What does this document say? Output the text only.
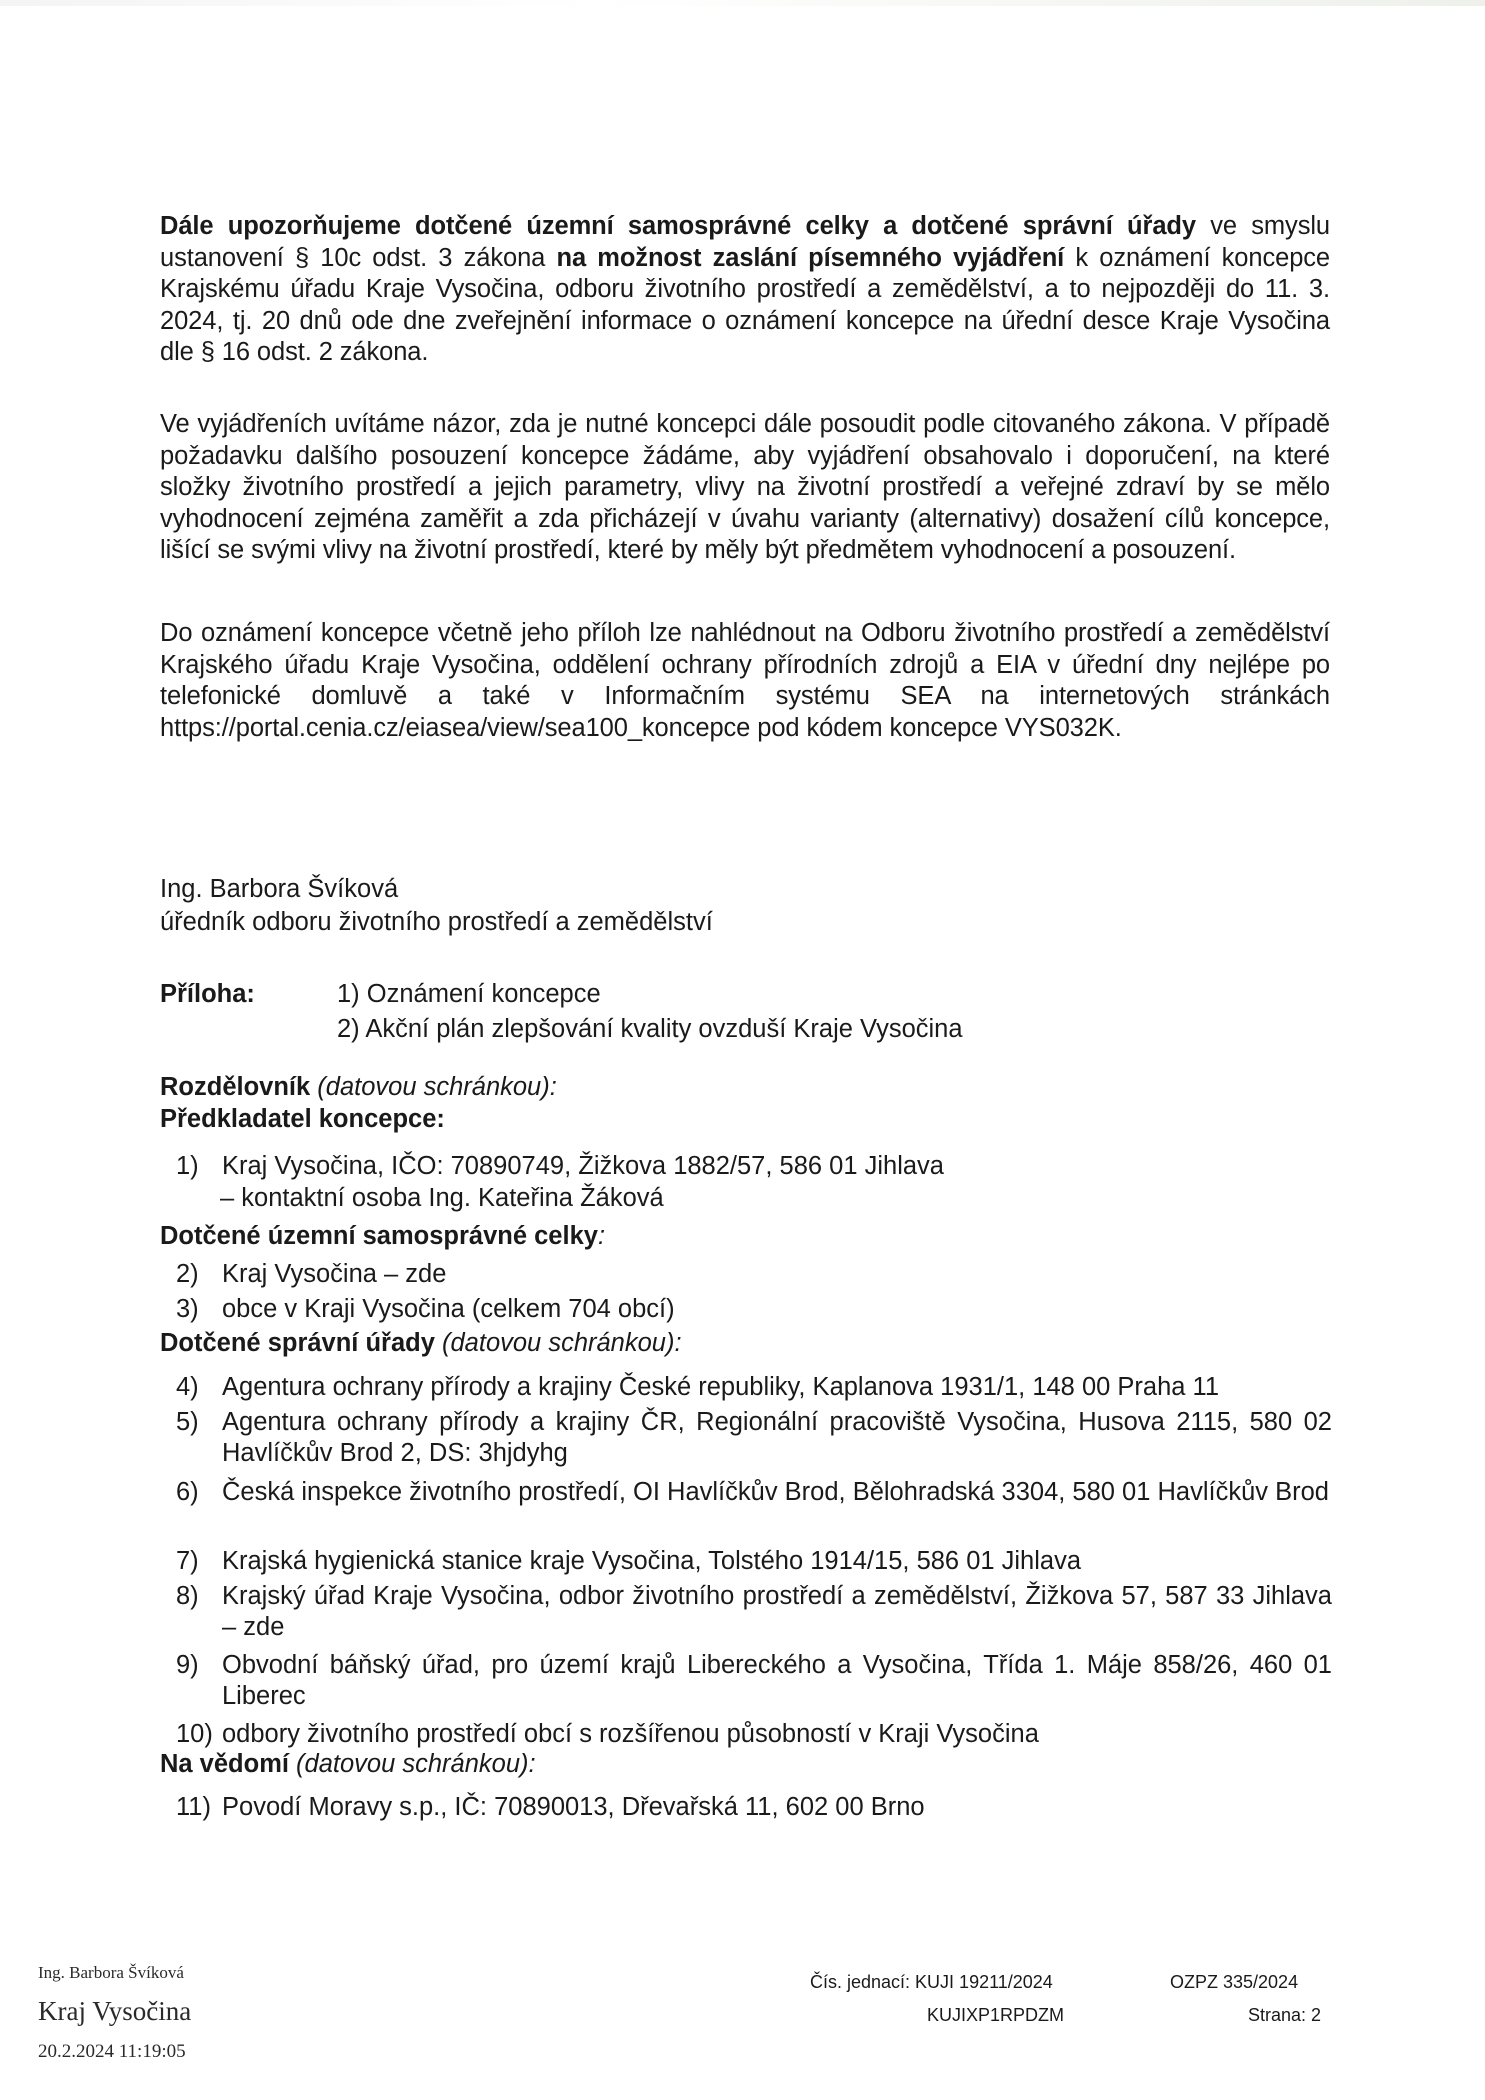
Dále upozorňujeme dotčené územní samosprávné celky a dotčené správní úřady ve smyslu ustanovení § 10c odst. 3 zákona na možnost zaslání písemného vyjádření k oznámení koncepce Krajskému úřadu Kraje Vysočina, odboru životního prostředí a zemědělství, a to nejpozději do 11. 3. 2024, tj. 20 dnů ode dne zveřejnění informace o oznámení koncepce na úřední desce Kraje Vysočina dle § 16 odst. 2 zákona.
Ve vyjádřeních uvítáme názor, zda je nutné koncepci dále posoudit podle citovaného zákona. V případě požadavku dalšího posouzení koncepce žádáme, aby vyjádření obsahovalo i doporučení, na které složky životního prostředí a jejich parametry, vlivy na životní prostředí a veřejné zdraví by se mělo vyhodnocení zejména zaměřit a zda přicházejí v úvahu varianty (alternativy) dosažení cílů koncepce, lišící se svými vlivy na životní prostředí, které by měly být předmětem vyhodnocení a posouzení.
Do oznámení koncepce včetně jeho příloh lze nahlédnout na Odboru životního prostředí a zemědělství Krajského úřadu Kraje Vysočina, oddělení ochrany přírodních zdrojů a EIA v úřední dny nejlépe po telefonické domluvě a také v Informačním systému SEA na internetových stránkách https://portal.cenia.cz/eiasea/view/sea100_koncepce pod kódem koncepce VYS032K.
Ing. Barbora Švíková
úředník odboru životního prostředí a zemědělství
Příloha:	1) Oznámení koncepce
2) Akční plán zlepšování kvality ovzduší Kraje Vysočina
Rozdělovník (datovou schránkou):
Předkladatel koncepce:
1) Kraj Vysočina, IČO: 70890749, Žižkova 1882/57, 586 01 Jihlava
– kontaktní osoba Ing. Kateřina Žáková
Dotčené územní samosprávné celky:
2) Kraj Vysočina – zde
3) obce v Kraji Vysočina (celkem 704 obcí)
Dotčené správní úřady (datovou schránkou):
4) Agentura ochrany přírody a krajiny České republiky, Kaplanova 1931/1, 148 00 Praha 11
5) Agentura ochrany přírody a krajiny ČR, Regionální pracoviště Vysočina, Husova 2115, 580 02 Havlíčkův Brod 2, DS: 3hjdyhg
6) Česká inspekce životního prostředí, OI Havlíčkův Brod, Bělohradská 3304, 580 01 Havlíčkův Brod
7) Krajská hygienická stanice kraje Vysočina, Tolstého 1914/15, 586 01 Jihlava
8) Krajský úřad Kraje Vysočina, odbor životního prostředí a zemědělství, Žižkova 57, 587 33 Jihlava – zde
9) Obvodní báňský úřad, pro území krajů Libereckého a Vysočina, Třída 1. Máje 858/26, 460 01 Liberec
10) odbory životního prostředí obcí s rozšířenou působností v Kraji Vysočina
Na vědomí (datovou schránkou):
11) Povodí Moravy s.p., IČ: 70890013, Dřevařská 11, 602 00 Brno
Ing. Barbora Švíková
Kraj Vysočina
20.2.2024 11:19:05
Čís. jednací: KUJI 19211/2024	OZPZ 335/2024
KUJIXP1RPDZM	Strana: 2
